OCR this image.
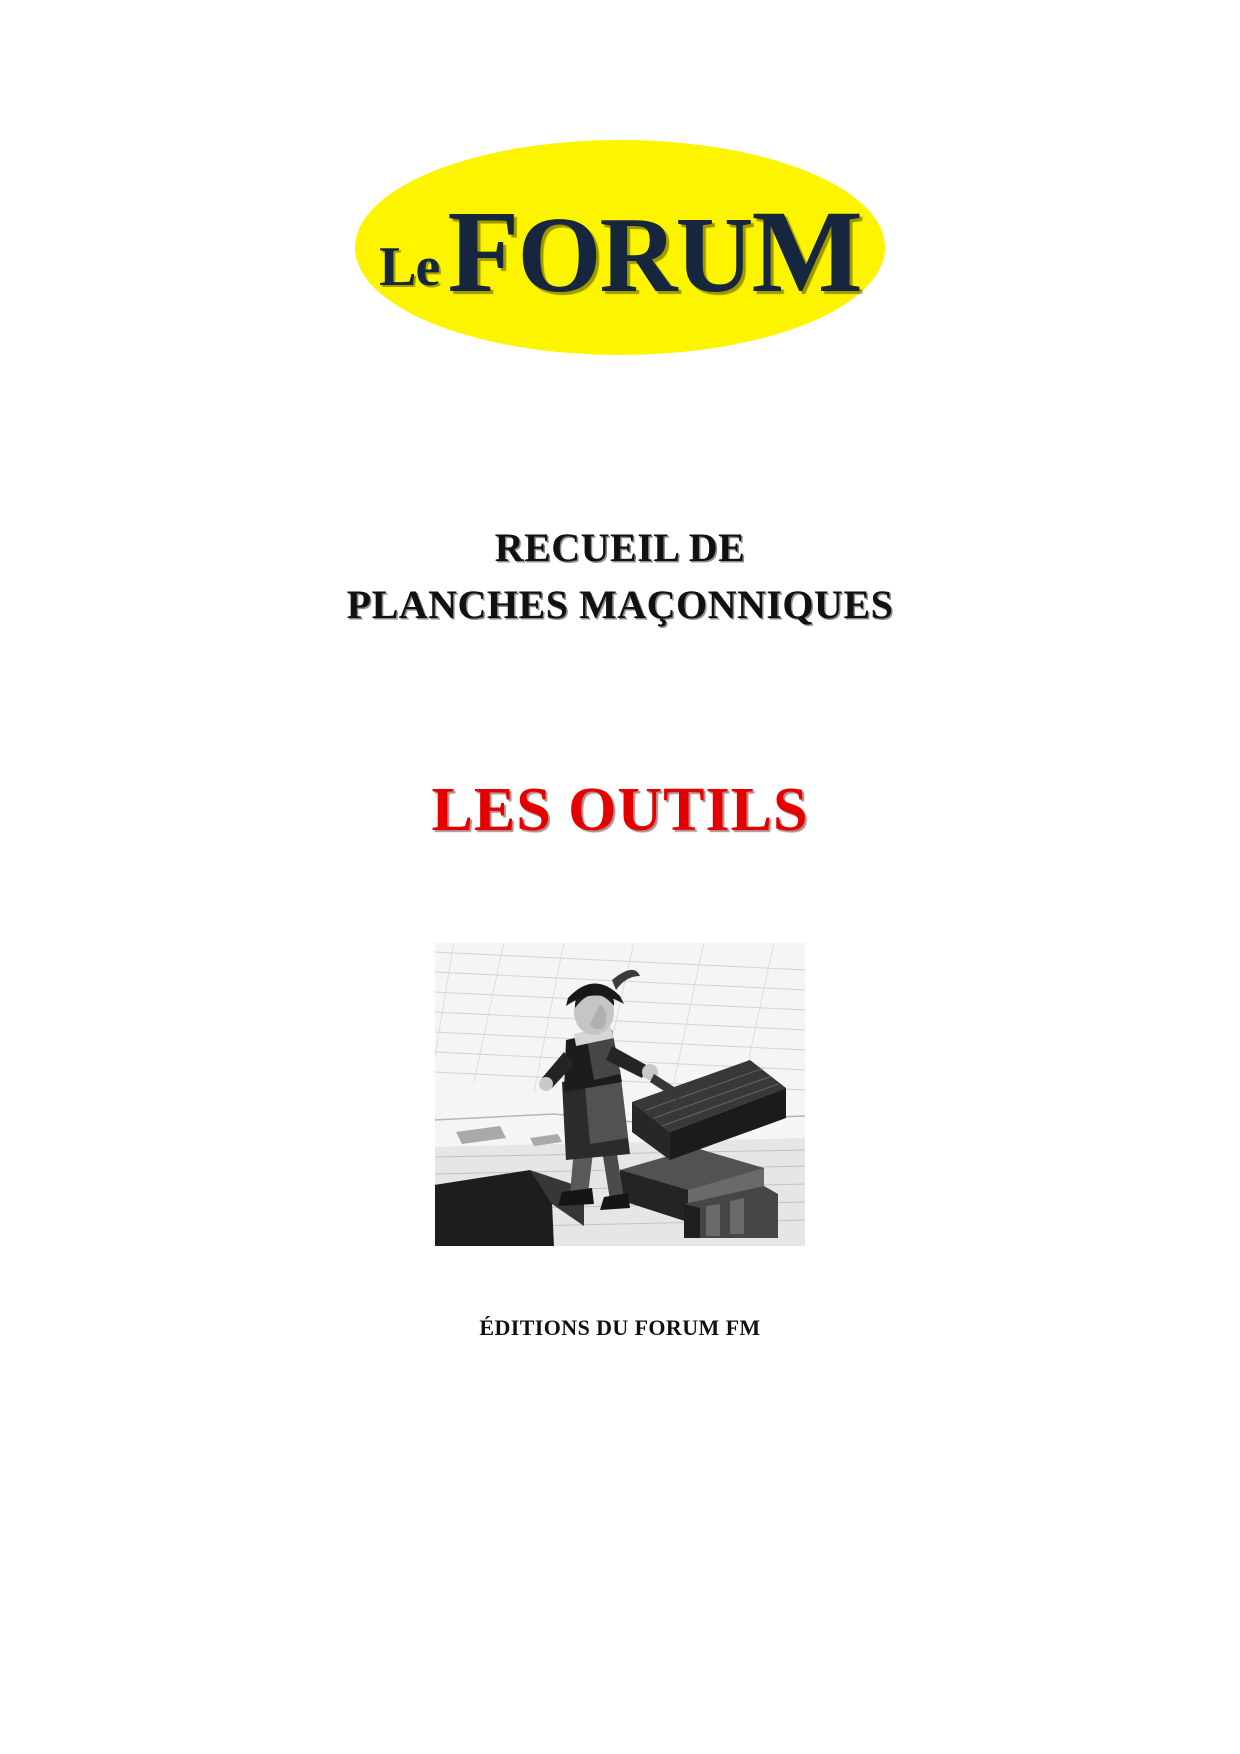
Le FORUM
RECUEIL DE
PLANCHES MAÇONNIQUES
LES OUTILS
ÉDITIONS DU FORUM FM
